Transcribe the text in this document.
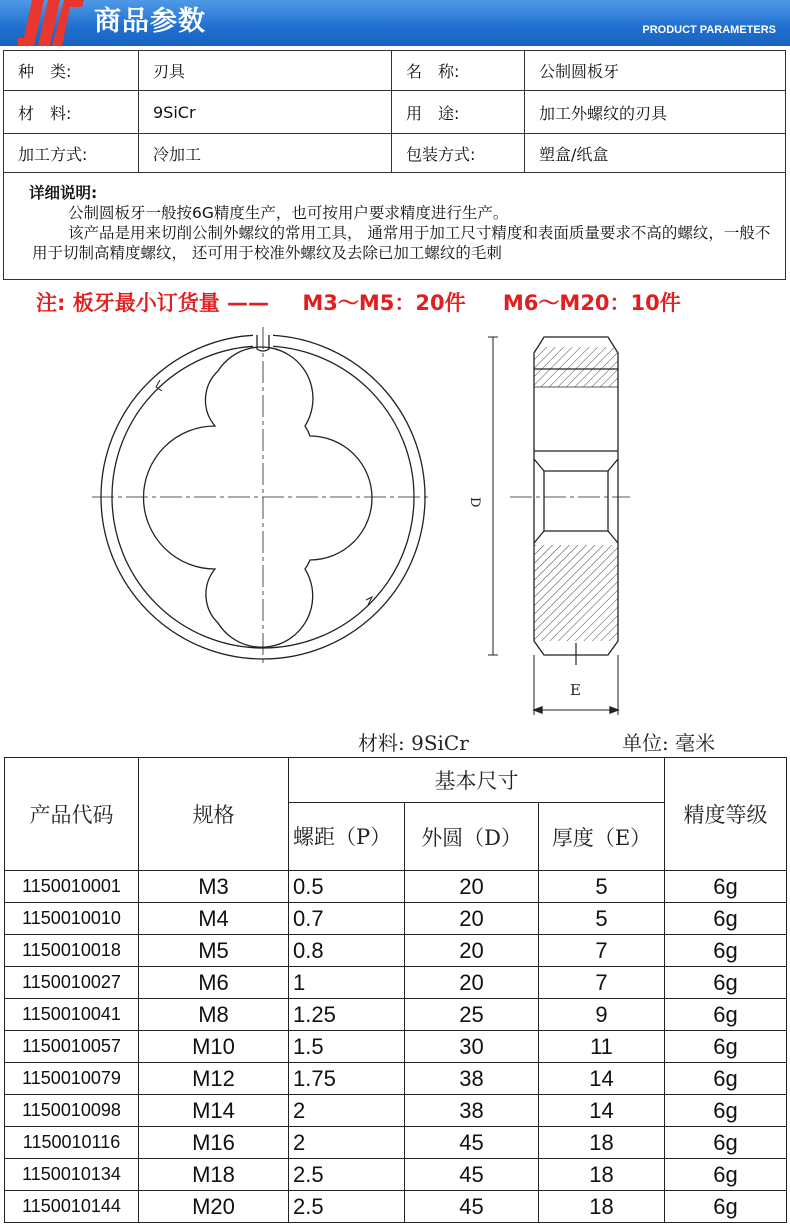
商品参数	PRODUCT PARAMETERS
种　类:	刃具	名　称:	公制圆板牙
材　料:	9SiCr	用　途:	加工外螺纹的刃具
加工方式:	冷加工	包装方式:	塑盒/纸盒

详细说明:
公制圆板牙一般按6G精度生产，也可按用户要求精度进行生产。
该产品是用来切削公制外螺纹的常用工具， 通常用于加工尺寸精度和表面质量要求不高的螺纹，一般不用于切制高精度螺纹， 还可用于校准外螺纹及去除已加工螺纹的毛刺			
注: 板牙最小订货量 —— M3～M5：20件 M6～M20：10件
D
E
材料: 9SiCr	单位: 毫米
产品代码	规格	基本尺寸			精度等级
		螺距（P）	外圆（D）	厚度（E）	
1150010001	M3	0.5	20	5	6g
1150010010	M4	0.7	20	5	6g
1150010018	M5	0.8	20	7	6g
1150010027	M6	1	20	7	6g
1150010041	M8	1.25	25	9	6g
1150010057	M10	1.5	30	11	6g
1150010079	M12	1.75	38	14	6g
1150010098	M14	2	38	14	6g
1150010116	M16	2	45	18	6g
1150010134	M18	2.5	45	18	6g
1150010144	M20	2.5	45	18	6g
